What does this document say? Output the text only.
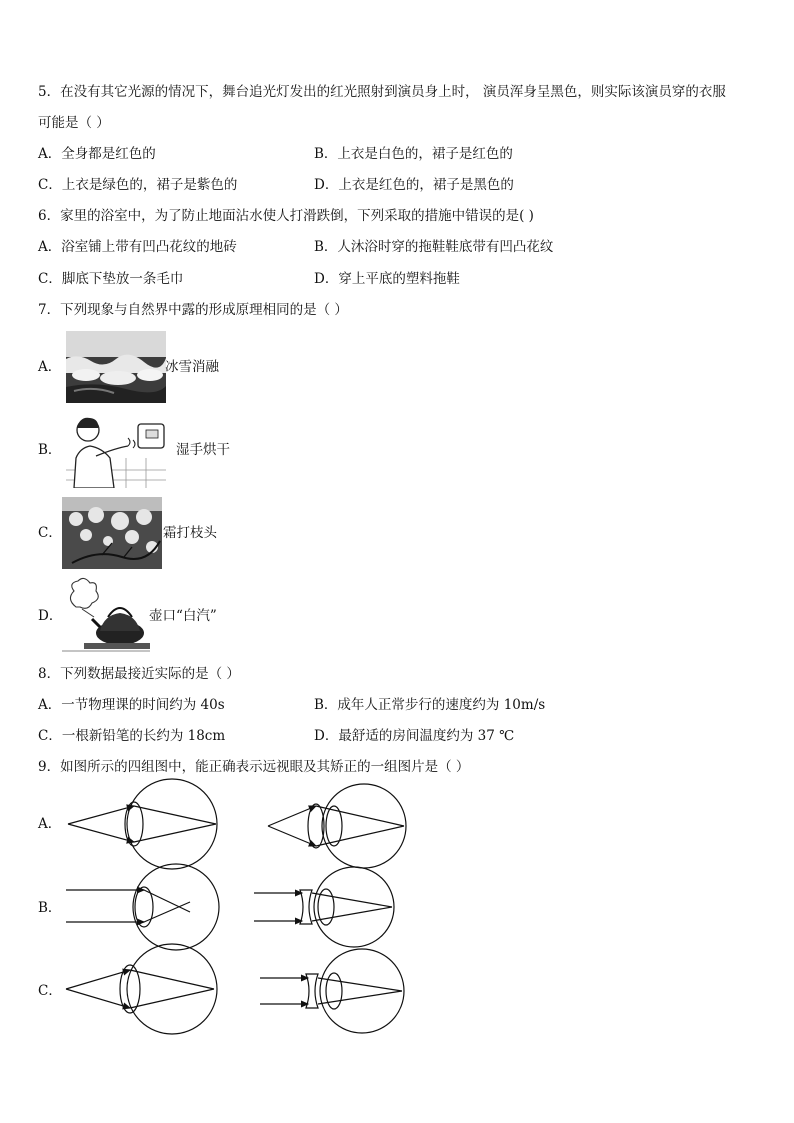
5．在没有其它光源的情况下，舞台追光灯发出的红光照射到演员身上时， 演员浑身呈黑色，则实际该演员穿的衣服
可能是（ ）
A．全身都是红色的	B．上衣是白色的，裙子是红色的
C．上衣是绿色的，裙子是紫色的	D．上衣是红色的，裙子是黑色的
6．家里的浴室中，为了防止地面沾水使人打滑跌倒，下列采取的措施中错误的是( )
A．浴室铺上带有凹凸花纹的地砖	B．人沐浴时穿的拖鞋鞋底带有凹凸花纹
C．脚底下垫放一条毛巾	D．穿上平底的塑料拖鞋
7．下列现象与自然界中露的形成原理相同的是（ ）
A．	冰雪消融
B．	湿手烘干
C．	霜打枝头
D．	壶口“白汽”
8．下列数据最接近实际的是（ ）
A．一节物理课的时间约为 40s	B．成年人正常步行的速度约为 10m/s
C．一根新铅笔的长约为 18cm	D．最舒适的房间温度约为 37 ℃
9．如图所示的四组图中，能正确表示远视眼及其矫正的一组图片是（ ）
A．
B．
C．
